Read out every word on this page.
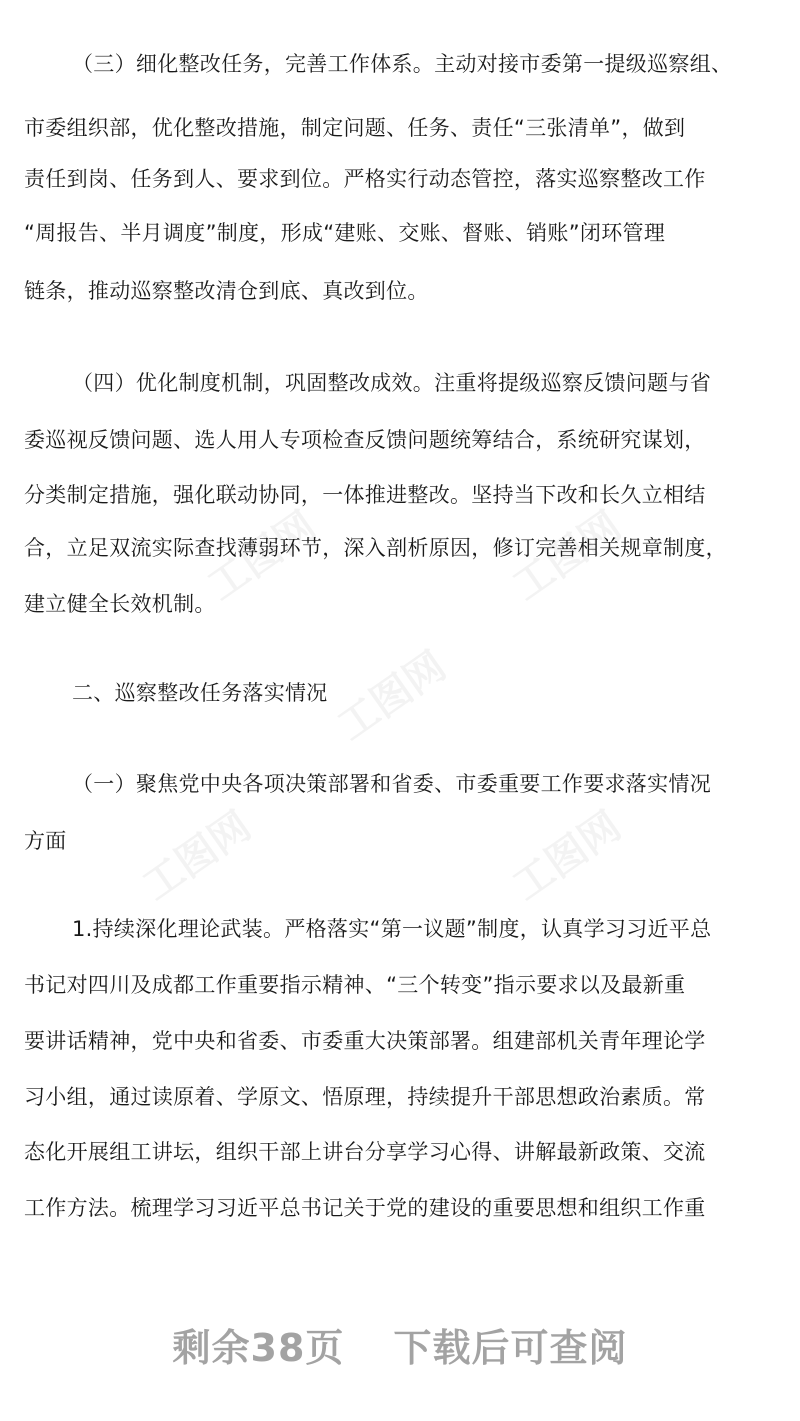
工图网	工图网
工图网
工图网	工图网
（三）细化整改任务，完善工作体系。主动对接市委第一提级巡察组、
市委组织部，优化整改措施，制定问题、任务、责任“三张清单”，做到
责任到岗、任务到人、要求到位。严格实行动态管控，落实巡察整改工作
“周报告、半月调度”制度，形成“建账、交账、督账、销账”闭环管理
链条，推动巡察整改清仓到底、真改到位。
（四）优化制度机制，巩固整改成效。注重将提级巡察反馈问题与省
委巡视反馈问题、选人用人专项检查反馈问题统筹结合，系统研究谋划，
分类制定措施，强化联动协同，一体推进整改。坚持当下改和长久立相结
合，立足双流实际查找薄弱环节，深入剖析原因，修订完善相关规章制度，
建立健全长效机制。
二、巡察整改任务落实情况
（一）聚焦党中央各项决策部署和省委、市委重要工作要求落实情况
方面
1.持续深化理论武装。严格落实“第一议题”制度，认真学习习近平总
书记对四川及成都工作重要指示精神、“三个转变”指示要求以及最新重
要讲话精神，党中央和省委、市委重大决策部署。组建部机关青年理论学
习小组，通过读原着、学原文、悟原理，持续提升干部思想政治素质。常
态化开展组工讲坛，组织干部上讲台分享学习心得、讲解最新政策、交流
工作方法。梳理学习习近平总书记关于党的建设的重要思想和组织工作重
剩余38页 下载后可查阅
